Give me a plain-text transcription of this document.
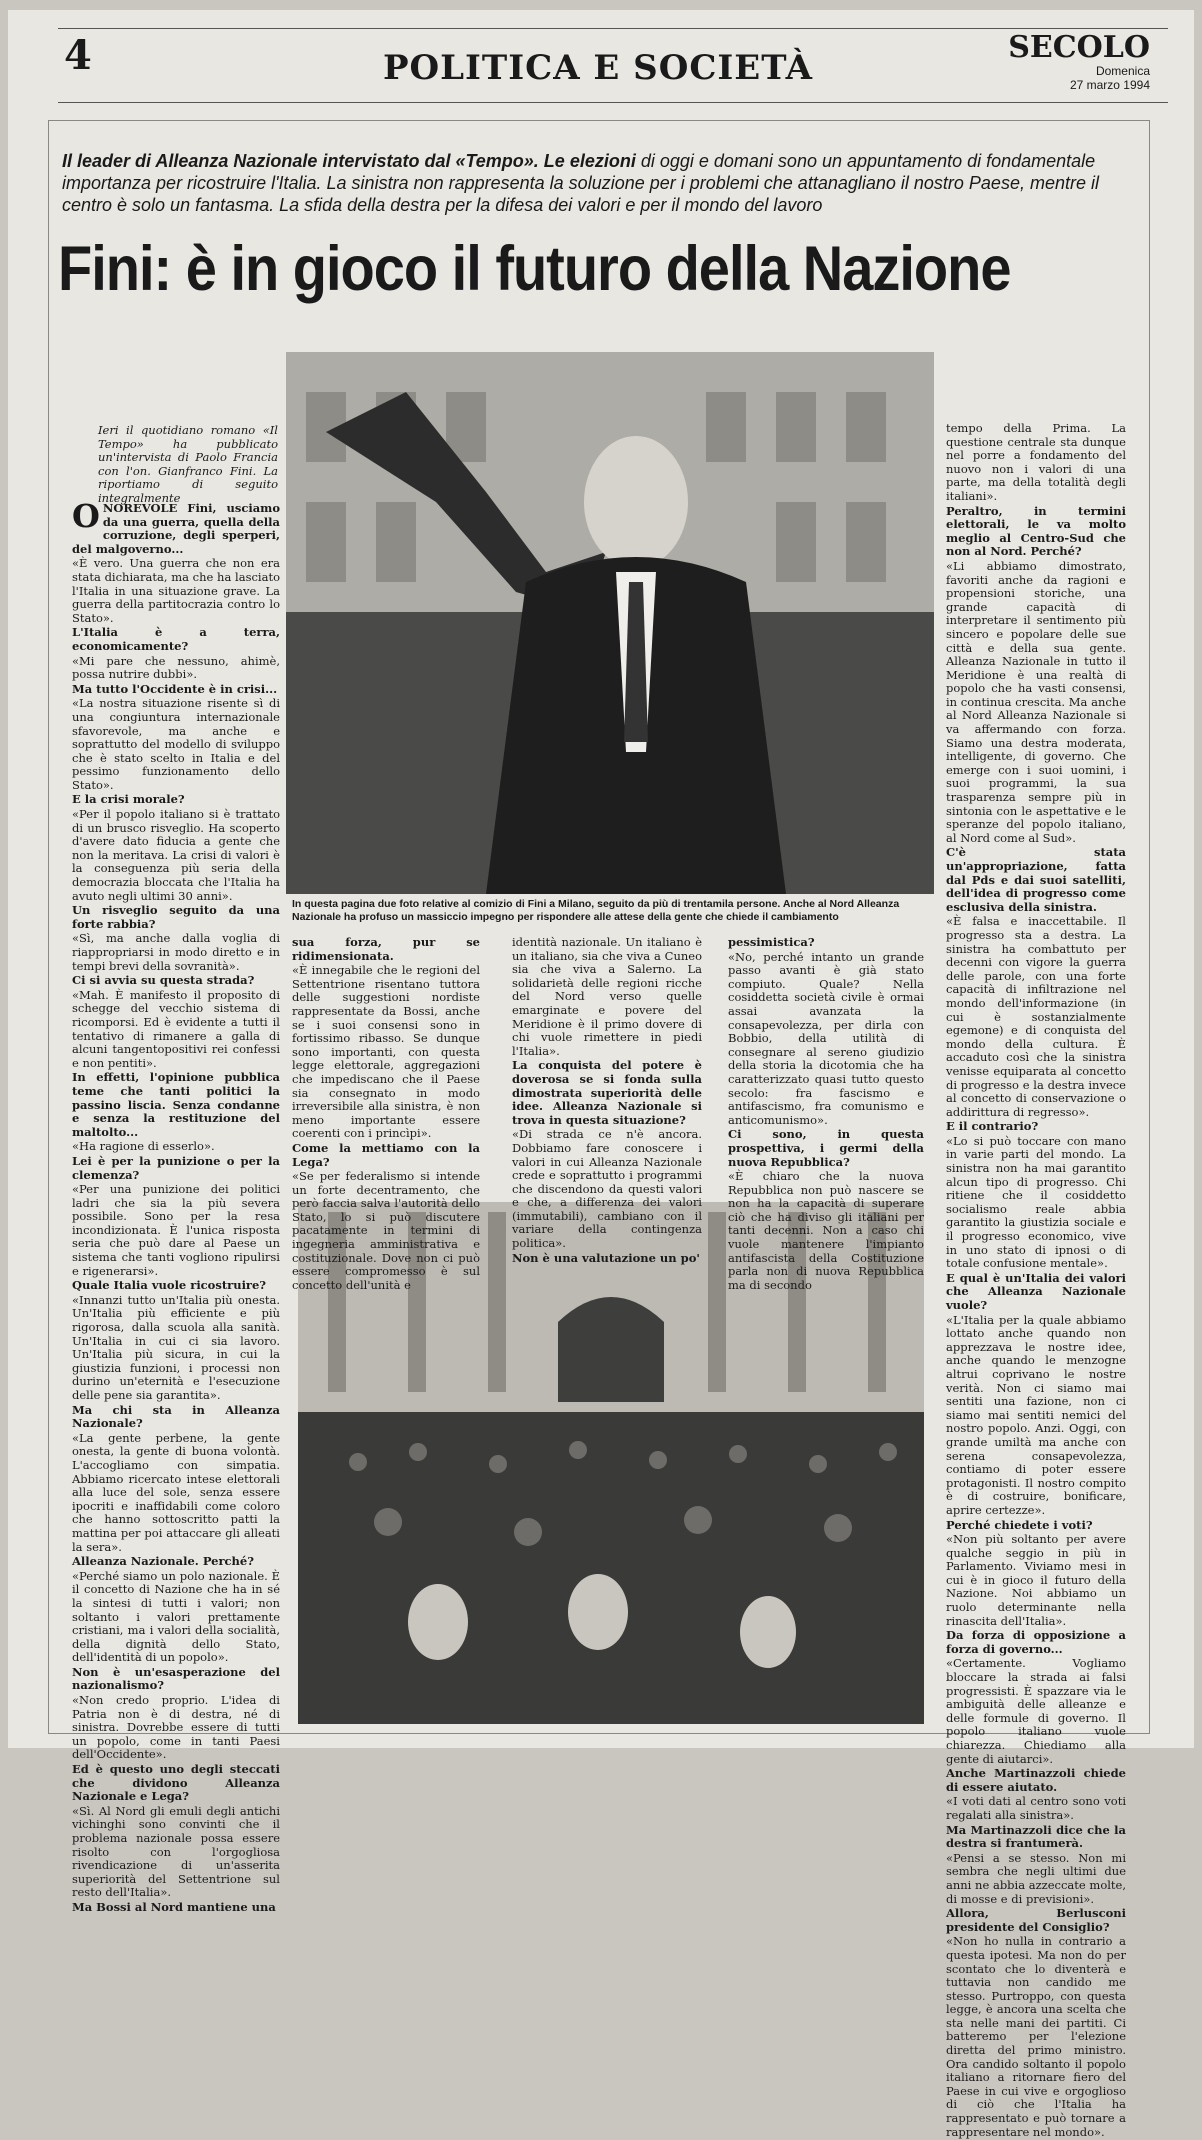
4	POLITICA E SOCIETÀ
SECOLO
Domenica
27 marzo 1994
Il leader di Alleanza Nazionale intervistato dal «Tempo». Le elezioni di oggi e domani sono un appuntamento di fondamentale importanza per ricostruire l'Italia. La sinistra non rappresenta la soluzione per i problemi che attanagliano il nostro Paese, mentre il centro è solo un fantasma. La sfida della destra per la difesa dei valori e per il mondo del lavoro
Fini: è in gioco il futuro della Nazione
In questa pagina due foto relative al comizio di Fini a Milano, seguito da più di trentamila persone. Anche al Nord Alleanza Nazionale ha profuso un massiccio impegno per rispondere alle attese della gente che chiede il cambiamento

Ieri il quotidiano romano «Il Tempo» ha pubblicato un'intervista di Paolo Francia con l'on. Gianfranco Fini. La riportiamo di seguito integralmente

ONOREVOLE Fini, usciamo da una guerra, quella della corruzione, degli sperperi, del malgoverno...

«È vero. Una guerra che non era stata dichiarata, ma che ha lasciato l'Italia in una situazione grave. La guerra della partitocrazia contro lo Stato».

L'Italia è a terra, economicamente?

«Mi pare che nessuno, ahimè, possa nutrire dubbi».

Ma tutto l'Occidente è in crisi...

«La nostra situazione risente sì di una congiuntura internazionale sfavorevole, ma anche e soprattutto del modello di sviluppo che è stato scelto in Italia e del pessimo funzionamento dello Stato».

E la crisi morale?

«Per il popolo italiano si è trattato di un brusco risveglio. Ha scoperto d'avere dato fiducia a gente che non la meritava. La crisi di valori è la conseguenza più seria della democrazia bloccata che l'Italia ha avuto negli ultimi 30 anni».

Un risveglio seguito da una forte rabbia?

«Sì, ma anche dalla voglia di riappropriarsi in modo diretto e in tempi brevi della sovranità».

Ci si avvia su questa strada?

«Mah. È manifesto il proposito di schegge del vecchio sistema di ricomporsi. Ed è evidente a tutti il tentativo di rimanere a galla di alcuni tangentopositivi rei confessi e non pentiti».

In effetti, l'opinione pubblica teme che tanti politici la passino liscia. Senza condanne e senza la restituzione del maltolto...

«Ha ragione di esserlo».

Lei è per la punizione o per la clemenza?

«Per una punizione dei politici ladri che sia la più severa possibile. Sono per la resa incondizionata. È l'unica risposta seria che può dare al Paese un sistema che tanti vogliono ripulirsi e rigenerarsi».

Quale Italia vuole ricostruire?

«Innanzi tutto un'Italia più onesta. Un'Italia più efficiente e più rigorosa, dalla scuola alla sanità. Un'Italia in cui ci sia lavoro. Un'Italia più sicura, in cui la giustizia funzioni, i processi non durino un'eternità e l'esecuzione delle pene sia garantita».

Ma chi sta in Alleanza Nazionale?

«La gente perbene, la gente onesta, la gente di buona volontà. L'accogliamo con simpatia. Abbiamo ricercato intese elettorali alla luce del sole, senza essere ipocriti e inaffidabili come coloro che hanno sottoscritto patti la mattina per poi attaccare gli alleati la sera».

Alleanza Nazionale. Perché?

«Perché siamo un polo nazionale. È il concetto di Nazione che ha in sé la sintesi di tutti i valori; non soltanto i valori prettamente cristiani, ma i valori della socialità, della dignità dello Stato, dell'identità di un popolo».

Non è un'esasperazione del nazionalismo?

«Non credo proprio. L'idea di Patria non è di destra, né di sinistra. Dovrebbe essere di tutti un popolo, come in tanti Paesi dell'Occidente».

Ed è questo uno degli steccati che dividono Alleanza Nazionale e Lega?

«Sì. Al Nord gli emuli degli antichi vichinghi sono convinti che il problema nazionale possa essere risolto con l'orgogliosa rivendicazione di un'asserita superiorità del Settentrione sul resto dell'Italia».

Ma Bossi al Nord mantiene una

sua forza, pur se ridimensionata.

«È innegabile che le regioni del Settentrione risentano tuttora delle suggestioni nordiste rappresentate da Bossi, anche se i suoi consensi sono in fortissimo ribasso. Se dunque sono importanti, con questa legge elettorale, aggregazioni che impediscano che il Paese sia consegnato in modo irreversibile alla sinistra, è non meno importante essere coerenti con i princìpi».

Come la mettiamo con la Lega?

«Se per federalismo si intende un forte decentramento, che però faccia salva l'autorità dello Stato, lo si può discutere pacatamente in termini di ingegneria amministrativa e costituzionale. Dove non ci può essere compromesso è sul concetto dell'unità e

identità nazionale. Un italiano è un italiano, sia che viva a Cuneo sia che viva a Salerno. La solidarietà delle regioni ricche del Nord verso quelle emarginate e povere del Meridione è il primo dovere di chi vuole rimettere in piedi l'Italia».

La conquista del potere è doverosa se si fonda sulla dimostrata superiorità delle idee. Alleanza Nazionale si trova in questa situazione?

«Di strada ce n'è ancora. Dobbiamo fare conoscere i valori in cui Alleanza Nazionale crede e soprattutto i programmi che discendono da questi valori e che, a differenza dei valori (immutabili), cambiano con il variare della contingenza politica».

Non è una valutazione un po'

pessimistica?

«No, perché intanto un grande passo avanti è già stato compiuto. Quale? Nella cosiddetta società civile è ormai assai avanzata la consapevolezza, per dirla con Bobbio, della utilità di consegnare al sereno giudizio della storia la dicotomia che ha caratterizzato quasi tutto questo secolo: fra fascismo e antifascismo, fra comunismo e anticomunismo».

Ci sono, in questa prospettiva, i germi della nuova Repubblica?

«È chiaro che la nuova Repubblica non può nascere se non ha la capacità di superare ciò che ha diviso gli italiani per tanti decenni. Non a caso chi vuole mantenere l'impianto antifascista della Costituzione parla non di nuova Repubblica ma di secondo

tempo della Prima. La questione centrale sta dunque nel porre a fondamento del nuovo non i valori di una parte, ma della totalità degli italiani».

Peraltro, in termini elettorali, le va molto meglio al Centro-Sud che non al Nord. Perché?

«Li abbiamo dimostrato, favoriti anche da ragioni e propensioni storiche, una grande capacità di interpretare il sentimento più sincero e popolare delle sue città e della sua gente. Alleanza Nazionale in tutto il Meridione è una realtà di popolo che ha vasti consensi, in continua crescita. Ma anche al Nord Alleanza Nazionale si va affermando con forza. Siamo una destra moderata, intelligente, di governo. Che emerge con i suoi uomini, i suoi programmi, la sua trasparenza sempre più in sintonia con le aspettative e le speranze del popolo italiano, al Nord come al Sud».

C'è stata un'appropriazione, fatta dal Pds e dai suoi satelliti, dell'idea di progresso come esclusiva della sinistra.

«È falsa e inaccettabile. Il progresso sta a destra. La sinistra ha combattuto per decenni con vigore la guerra delle parole, con una forte capacità di infiltrazione nel mondo dell'informazione (in cui è sostanzialmente egemone) e di conquista del mondo della cultura. È accaduto così che la sinistra venisse equiparata al concetto di progresso e la destra invece al concetto di conservazione o addirittura di regresso».

E il contrario?

«Lo si può toccare con mano in varie parti del mondo. La sinistra non ha mai garantito alcun tipo di progresso. Chi ritiene che il cosiddetto socialismo reale abbia garantito la giustizia sociale e il progresso economico, vive in uno stato di ipnosi o di totale confusione mentale».

E qual è un'Italia dei valori che Alleanza Nazionale vuole?

«L'Italia per la quale abbiamo lottato anche quando non apprezzava le nostre idee, anche quando le menzogne altrui coprivano le nostre verità. Non ci siamo mai sentiti una fazione, non ci siamo mai sentiti nemici del nostro popolo. Anzi. Oggi, con grande umiltà ma anche con serena consapevolezza, contiamo di poter essere protagonisti. Il nostro compito è di costruire, bonificare, aprire certezze».

Perché chiedete i voti?

«Non più soltanto per avere qualche seggio in più in Parlamento. Viviamo mesi in cui è in gioco il futuro della Nazione. Noi abbiamo un ruolo determinante nella rinascita dell'Italia».

Da forza di opposizione a forza di governo...

«Certamente. Vogliamo bloccare la strada ai falsi progressisti. È spazzare via le ambiguità delle alleanze e delle formule di governo. Il popolo italiano vuole chiarezza. Chiediamo alla gente di aiutarci».

Anche Martinazzoli chiede di essere aiutato.

«I voti dati al centro sono voti regalati alla sinistra».

Ma Martinazzoli dice che la destra si frantumerà.

«Pensi a se stesso. Non mi sembra che negli ultimi due anni ne abbia azzeccate molte, di mosse e di previsioni».

Allora, Berlusconi presidente del Consiglio?

«Non ho nulla in contrario a questa ipotesi. Ma non do per scontato che lo diventerà e tuttavia non candido me stesso. Purtroppo, con questa legge, è ancora una scelta che sta nelle mani dei partiti. Ci batteremo per l'elezione diretta del primo ministro. Ora candido soltanto il popolo italiano a ritornare fiero del Paese in cui vive e orgoglioso di ciò che l'Italia ha rappresentato e può tornare a rappresentare nel mondo».
